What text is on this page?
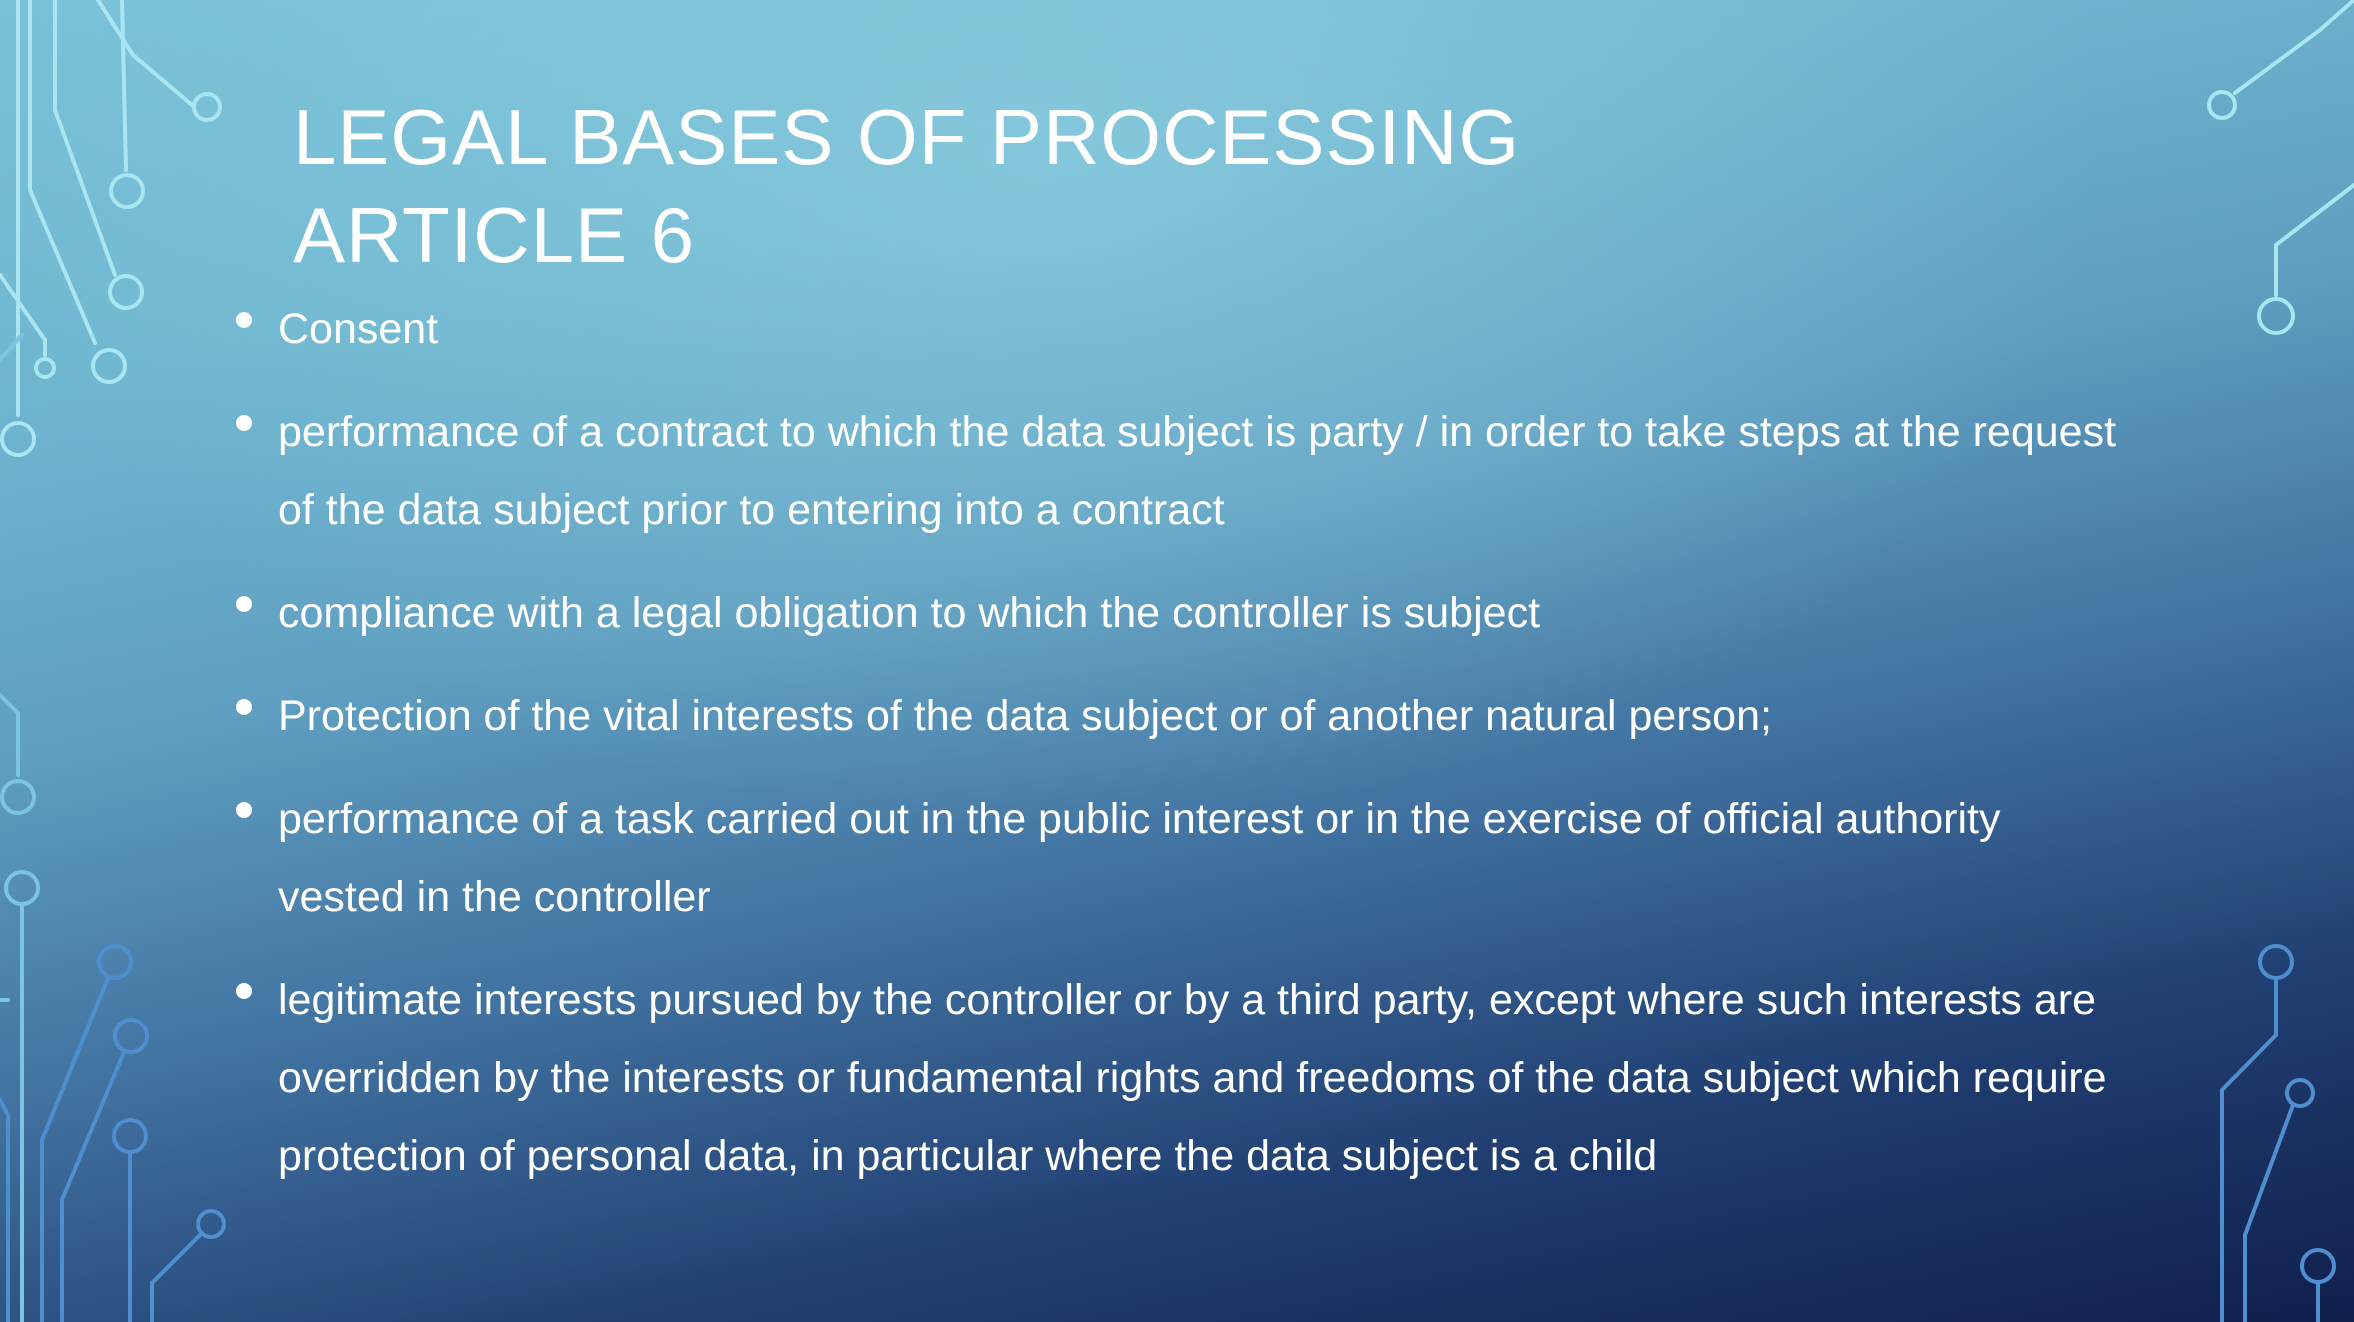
LEGAL BASES OF PROCESSING
ARTICLE 6
Consent
performance of a contract to which the data subject is party / in order to take steps at the request of the data subject prior to entering into a contract
compliance with a legal obligation to which the controller is subject
Protection of the vital interests of the data subject or of another natural person;
performance of a task carried out in the public interest or in the exercise of official authority vested in the controller
legitimate interests pursued by the controller or by a third party, except where such interests are overridden by the interests or fundamental rights and freedoms of the data subject which require protection of personal data, in particular where the data subject is a child
